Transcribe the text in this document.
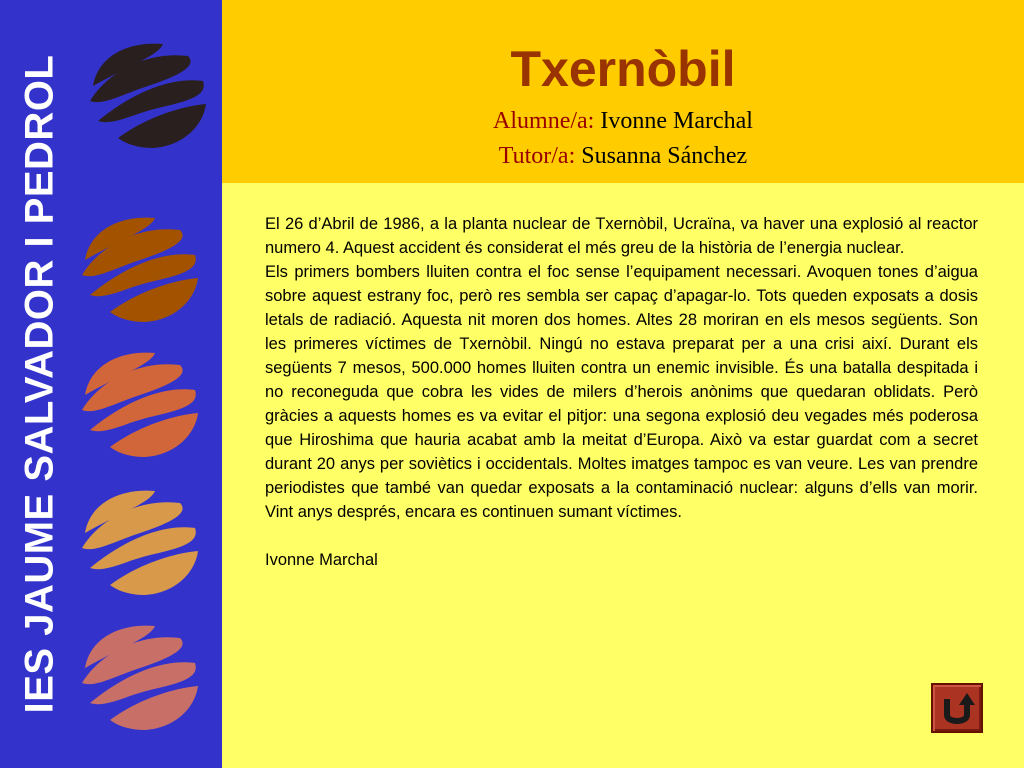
IES JAUME SALVADOR I PEDROL	Txernòbil
Alumne/a: Ivonne Marchal
Tutor/a: Susanna Sánchez

El 26 d’Abril de 1986, a la planta nuclear de Txernòbil, Ucraïna, va haver una explosió al reactor numero 4. Aquest accident és considerat el més greu de la història de l’energia nuclear.

Els primers bombers lluiten contra el foc sense l’equipament necessari. Avoquen tones d’aigua sobre aquest estrany foc, però res sembla ser capaç d’apagar-lo. Tots queden exposats a dosis letals de radiació. Aquesta nit moren dos homes. Altes 28 moriran en els mesos següents. Son les primeres víctimes de Txernòbil. Ningú no estava preparat per a una crisi així. Durant els següents 7 mesos, 500.000 homes lluiten contra un enemic invisible. És una batalla despitada i no reconeguda que cobra les vides de milers d’herois anònims que quedaran oblidats. Però gràcies a aquests homes es va evitar el pitjor: una segona explosió deu vegades més poderosa que Hiroshima que hauria acabat amb la meitat d’Europa. Això va estar guardat com a secret durant 20 anys per soviètics i occidentals. Moltes imatges tampoc es van veure. Les van prendre periodistes que també van quedar exposats a la contaminació nuclear: alguns d’ells van morir. Vint anys després, encara es continuen sumant víctimes.

Ivonne Marchal
